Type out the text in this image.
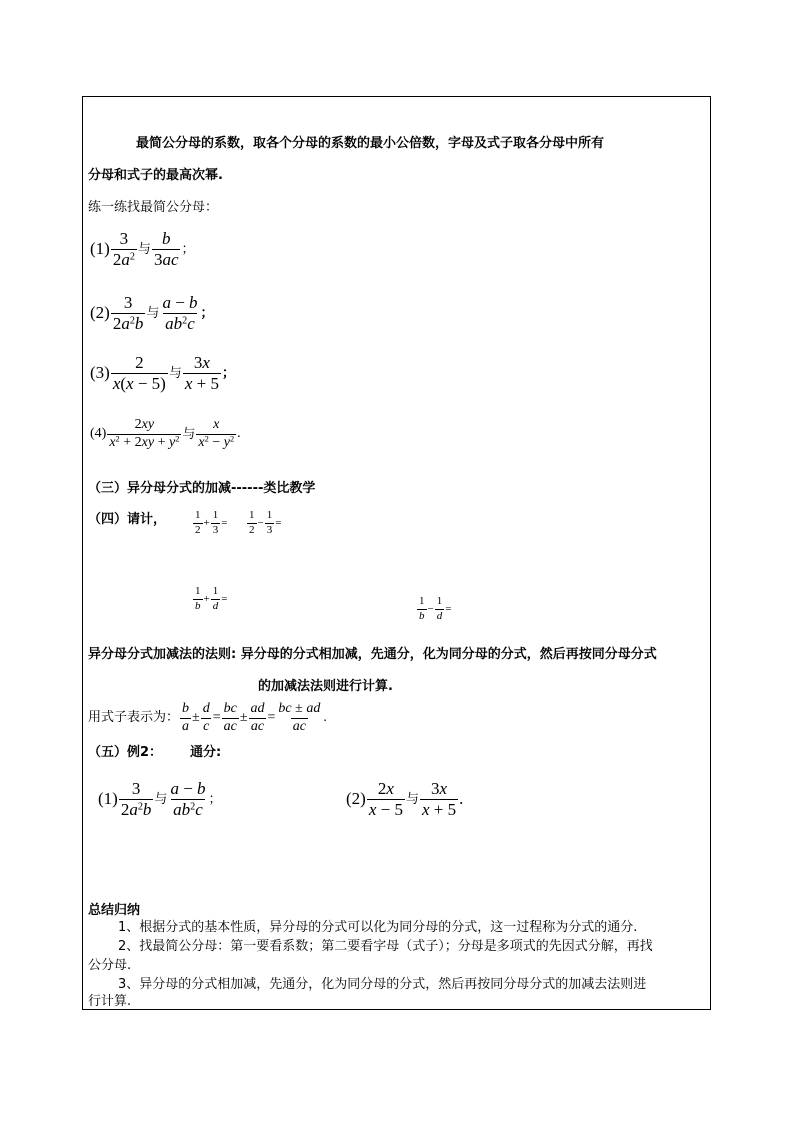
最简公分母的系数，取各个分母的系数的最小公倍数，字母及式子取各分母中所有
分母和式子的最高次幂.
练一练找最简公分母：
$(1) \frac{3}{2a^2}$ 与 $\frac{b}{3ac}$ ；
$(2) \frac{3}{2a^2b}$ 与 $\frac{a - b}{ab^2c}$ ；
$(3) \frac{2}{x(x - 5)}$ 与 $\frac{3x}{x + 5}$ ；
$(4) \frac{2xy}{x^2 + 2xy + y^2}$ 与 $\frac{x}{x^2 - y^2}$ .
（三）异分母分式的加减------类比教学
（四）请计， $\frac{1}{2} + \frac{1}{3} = \frac{1}{2} - \frac{1}{3}$ =
$\frac{1}{b} + \frac{1}{d}$ =	$\frac{1}{b} - \frac{1}{d}$ =
异分母分式加减法的法则: 异分母的分式相加减，先通分，化为同分母的分式，然后再按同分母分式
的加减法法则进行计算.
用式子表示为： $\frac{b}{a} \pm \frac{d}{c} = \frac{bc}{ac} \pm \frac{ad}{ac} = \frac{bc \pm ad}{ac}$ .
（五）例2： 通分:
$(1) \frac{3}{2a^2b}$ 与 $\frac{a - b}{ab^2c}$ ；	$(2) \frac{2x}{x - 5}$ 与 $\frac{3x}{x + 5}$ .
总结归纳
1、根据分式的基本性质，异分母的分式可以化为同分母的分式，这一过程称为分式的通分.
2、找最简公分母：第一要看系数；第二要看字母（式子）；分母是多项式的先因式分解，再找
公分母.
3、异分母的分式相加减，先通分，化为同分母的分式，然后再按同分母分式的加减去法则进
行计算.
